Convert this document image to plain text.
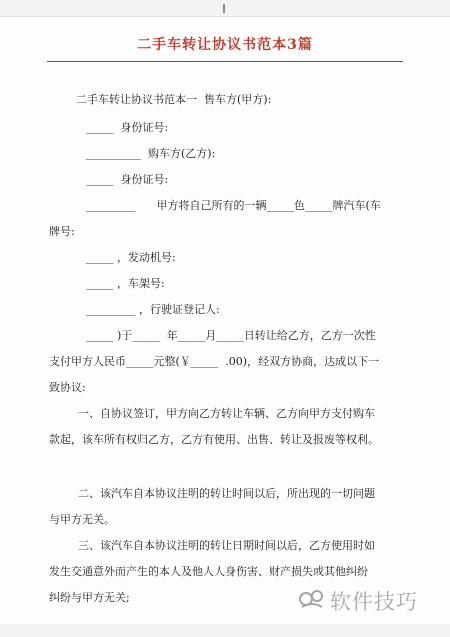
二手车转让协议书范本3篇
二手车转让协议书范本一  售车方(甲方):
_____  身份证号:
__________  购车方(乙方):
_____  身份证号:
_________      甲方将自己所有的一辆_____色_____牌汽车(车
牌号:
_____ ，发动机号:
_____ ，车架号:
_________ ，行驶证登记人:
_____ )于_____  年_____月_____日转让给乙方，乙方一次性
支付甲方人民币_____元整(￥_____  .00)，经双方协商，达成以下一
致协议:
一、自协议签订，甲方向乙方转让车辆、乙方向甲方支付购车
款起，该车所有权归乙方，乙方有使用、出售、转让及报废等权利。
二、该汽车自本协议注明的转让时间以后，所出现的一切问题
与甲方无关。
三、该汽车自本协议注明的转让日期时间以后，乙方使用时如
发生交通意外而产生的本人及他人人身伤害、财产损失或其他纠纷
纠纷与甲方无关;	软件技巧
